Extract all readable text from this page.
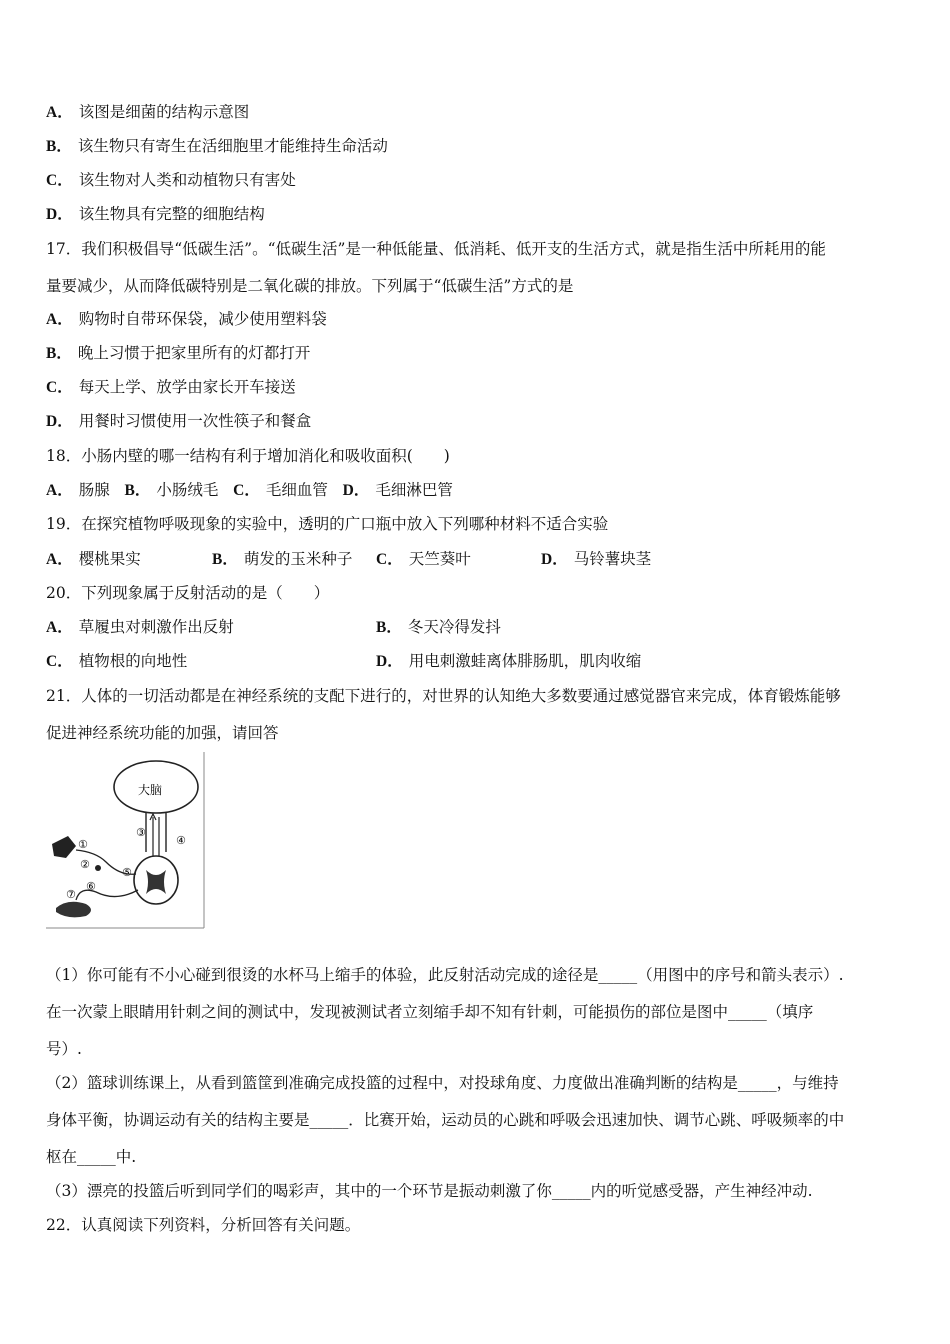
A． 该图是细菌的结构示意图
B． 该生物只有寄生在活细胞里才能维持生命活动
C． 该生物对人类和动植物只有害处
D． 该生物具有完整的细胞结构
17．我们积极倡导“低碳生活”。“低碳生活”是一种低能量、低消耗、低开支的生活方式，就是指生活中所耗用的能
量要减少，从而降低碳特别是二氧化碳的排放。下列属于“低碳生活”方式的是
A． 购物时自带环保袋，减少使用塑料袋
B． 晚上习惯于把家里所有的灯都打开
C． 每天上学、放学由家长开车接送
D． 用餐时习惯使用一次性筷子和餐盒
18．小肠内壁的哪一结构有利于增加消化和吸收面积(　　)
A． 肠腺 B． 小肠绒毛 C． 毛细血管 D． 毛细淋巴管
19．在探究植物呼吸现象的实验中，透明的广口瓶中放入下列哪种材料不适合实验
A． 樱桃果实	B． 萌发的玉米种子 C． 天竺葵叶	D． 马铃薯块茎
20．下列现象属于反射活动的是（　　）
A． 草履虫对刺激作出反射	B． 冬天冷得发抖
C． 植物根的向地性	D． 用电刺激蛙离体腓肠肌，肌肉收缩
21．人体的一切活动都是在神经系统的支配下进行的，对世界的认知绝大多数要通过感觉器官来完成，体育锻炼能够
促进神经系统功能的加强，请回答
大脑
③
④
⑤
①
②
⑥
⑦
（1）你可能有不小心碰到很烫的水杯马上缩手的体验，此反射活动完成的途径是_____（用图中的序号和箭头表示）.
在一次蒙上眼睛用针刺之间的测试中，发现被测试者立刻缩手却不知有针刺，可能损伤的部位是图中_____（填序
号）.
（2）篮球训练课上，从看到篮筐到准确完成投篮的过程中，对投球角度、力度做出准确判断的结构是_____，与维持
身体平衡，协调运动有关的结构主要是_____．比赛开始，运动员的心跳和呼吸会迅速加快、调节心跳、呼吸频率的中
枢在_____中.
（3）漂亮的投篮后听到同学们的喝彩声，其中的一个环节是振动刺激了你_____内的听觉感受器，产生神经冲动.
22．认真阅读下列资料，分析回答有关问题。
